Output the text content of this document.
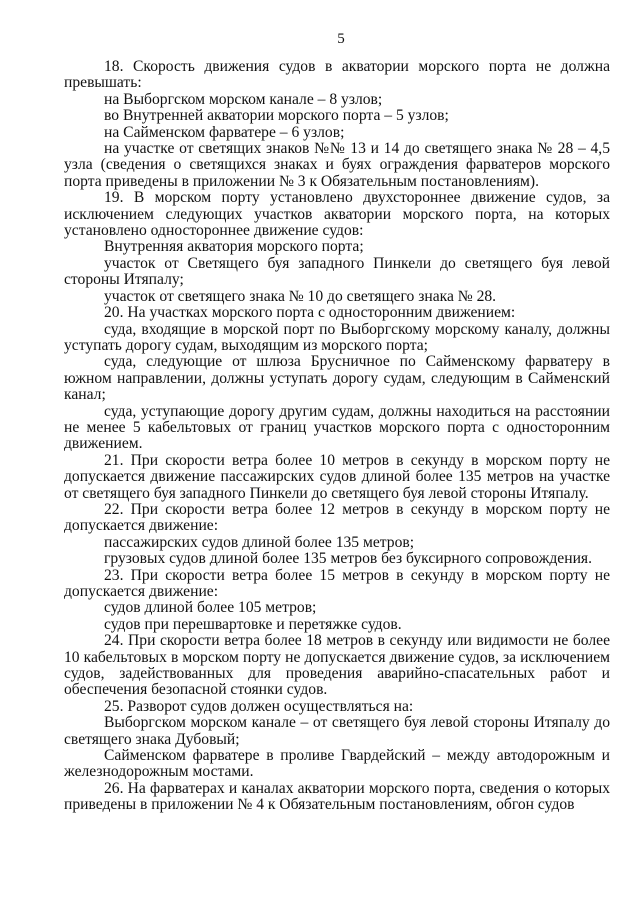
5

18. Скорость движения судов в акватории морского порта не должна превышать:

на Выборгском морском канале – 8 узлов;

во Внутренней акватории морского порта – 5 узлов;

на Сайменском фарватере – 6 узлов;

на участке от светящих знаков №№ 13 и 14 до светящего знака № 28 – 4,5 узла (сведения о светящихся знаках и буях ограждения фарватеров морского порта приведены в приложении № 3 к Обязательным постановлениям).

19. В морском порту установлено двухстороннее движение судов, за исключением следующих участков акватории морского порта, на которых установлено одностороннее движение судов:

Внутренняя акватория морского порта;

участок от Светящего буя западного Пинкели до светящего буя левой стороны Итяпалу;

участок от светящего знака № 10 до светящего знака № 28.

20. На участках морского порта с односторонним движением:

суда, входящие в морской порт по Выборгскому морскому каналу, должны уступать дорогу судам, выходящим из морского порта;

суда, следующие от шлюза Брусничное по Сайменскому фарватеру в южном направлении, должны уступать дорогу судам, следующим в Сайменский канал;

суда, уступающие дорогу другим судам, должны находиться на расстоянии не менее 5 кабельтовых от границ участков морского порта с односторонним движением.

21. При скорости ветра более 10 метров в секунду в морском порту не допускается движение пассажирских судов длиной более 135 метров на участке от светящего буя западного Пинкели до светящего буя левой стороны Итяпалу.

22. При скорости ветра более 12 метров в секунду в морском порту не допускается движение:

пассажирских судов длиной более 135 метров;

грузовых судов длиной более 135 метров без буксирного сопровождения.

23. При скорости ветра более 15 метров в секунду в морском порту не допускается движение:

судов длиной более 105 метров;

судов при перешвартовке и перетяжке судов.

24. При скорости ветра более 18 метров в секунду или видимости не более 10 кабельтовых в морском порту не допускается движение судов, за исключением судов, задействованных для проведения аварийно-спасательных работ и обеспечения безопасной стоянки судов.

25. Разворот судов должен осуществляться на:

Выборгском морском канале – от светящего буя левой стороны Итяпалу до светящего знака Дубовый;

Сайменском фарватере в проливе Гвардейский – между автодорожным и железнодорожным мостами.

26. На фарватерах и каналах акватории морского порта, сведения о которых приведены в приложении № 4 к Обязательным постановлениям, обгон судов
